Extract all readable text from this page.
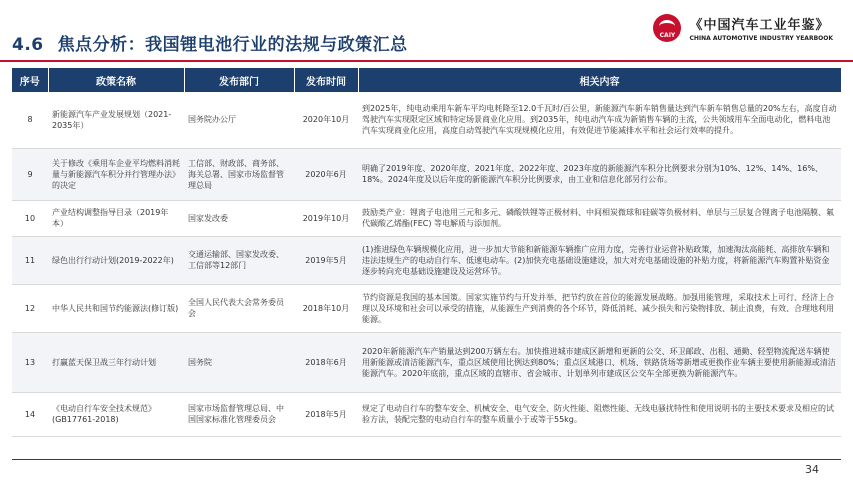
4.6 焦点分析：我国锂电池行业的法规与政策汇总	CAIY
《中国汽车工业年鉴》
CHINA AUTOMOTIVE INDUSTRY YEARBOOK
序号	政策名称	发布部门	发布时间	相关内容
8	新能源汽车产业发展规划（2021-2035年）	国务院办公厅	2020年10月	到2025年，纯电动乘用车新车平均电耗降至12.0千瓦时/百公里，新能源汽车新车销售量达到汽车新车销售总量的20%左右，高度自动驾驶汽车实现限定区域和特定场景商业化应用。到2035年，纯电动汽车成为新销售车辆的主流，公共领域用车全面电动化，燃料电池汽车实现商业化应用，高度自动驾驶汽车实现规模化应用，有效促进节能减排水平和社会运行效率的提升。
9	关于修改《乘用车企业平均燃料消耗量与新能源汽车积分并行管理办法》的决定	工信部、财政部、商务部、海关总署、国家市场监督管理总局	2020年6月	明确了2019年度、2020年度、2021年度、2022年度、2023年度的新能源汽车积分比例要求分别为10%、12%、14%、16%、18%。2024年度及以后年度的新能源汽车积分比例要求，由工业和信息化部另行公布。
10	产业结构调整指导目录（2019年本）	国家发改委	2019年10月	鼓励类产业：锂离子电池用三元和多元、磷酸铁锂等正极材料、中间相炭微球和硅碳等负极材料、单层与三层复合锂离子电池隔膜、氟代碳酸乙烯酯(FEC) 等电解质与添加剂。
11	绿色出行行动计划(2019-2022年)	交通运输部、国家发改委、工信部等12部门	2019年5月	(1)推进绿色车辆规模化应用，进一步加大节能和新能源车辆推广应用力度，完善行业运营补贴政策，加速淘汰高能耗、高排放车辆和违法违规生产的电动自行车、低速电动车。(2)加快充电基础设施建设，加大对充电基础设施的补贴力度，将新能源汽车购置补贴资金逐步转向充电基础设施建设及运营环节。
12	中华人民共和国节约能源法(修订版)	全国人民代表大会常务委员会	2018年10月	节约资源是我国的基本国策。国家实施节约与开发并举、把节约放在首位的能源发展战略。加强用能管理，采取技术上可行、经济上合理以及环境和社会可以承受的措施，从能源生产到消费的各个环节，降低消耗、减少损失和污染物排放、制止浪费，有效、合理地利用能源。
13	打赢蓝天保卫战三年行动计划	国务院	2018年6月	2020年新能源汽车产销量达到200万辆左右。加快推进城市建成区新增和更新的公交、环卫邮政、出租、通勤、轻型物流配送车辆使用新能源或清洁能源汽车，重点区域使用比例达到80%；重点区域港口、机场、铁路货场等新增或更换作业车辆主要使用新能源或清洁能源汽车。2020年底前，重点区域的直辖市、省会城市、计划单列市建成区公交车全部更换为新能源汽车。
14	《电动自行车安全技术规范》(GB17761-2018)	国家市场监督管理总局、中国国家标准化管理委员会	2018年5月	规定了电动自行车的整车安全、机械安全、电气安全、防火性能、阻燃性能、无线电骚扰特性和使用说明书的主要技术要求及相应的试验方法，装配完整的电动自行车的整车质量小于或等于55kg。
34
